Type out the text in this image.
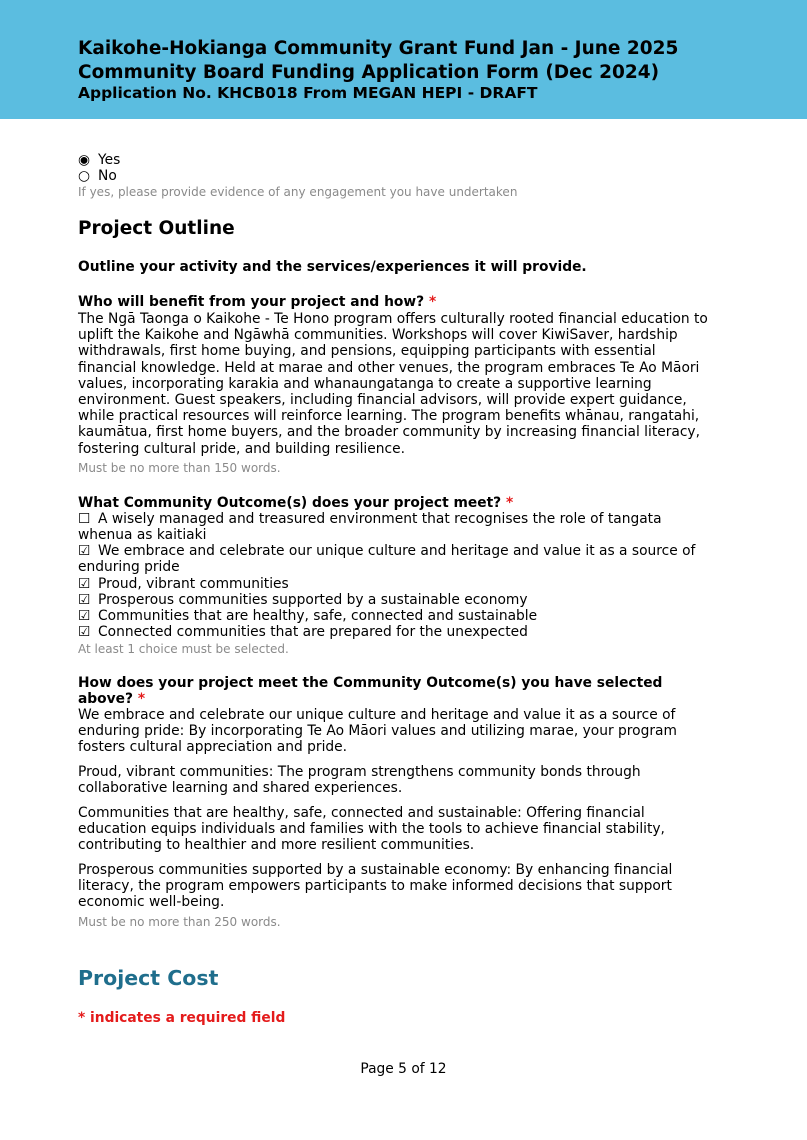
Kaikohe-Hokianga Community Grant Fund Jan - June 2025
Community Board Funding Application Form (Dec 2024)
Application No. KHCB018 From MEGAN HEPI - DRAFT
◉ Yes
○ No
If yes, please provide evidence of any engagement you have undertaken
Project Outline
Outline your activity and the services/experiences it will provide.
Who will benefit from your project and how? *
The Ngā Taonga o Kaikohe - Te Hono program offers culturally rooted financial education to uplift the Kaikohe and Ngāwhā communities. Workshops will cover KiwiSaver, hardship withdrawals, first home buying, and pensions, equipping participants with essential financial knowledge. Held at marae and other venues, the program embraces Te Ao Māori values, incorporating karakia and whanaungatanga to create a supportive learning environment. Guest speakers, including financial advisors, will provide expert guidance, while practical resources will reinforce learning. The program benefits whānau, rangatahi, kaumātua, first home buyers, and the broader community by increasing financial literacy, fostering cultural pride, and building resilience.
Must be no more than 150 words.
What Community Outcome(s) does your project meet? *
☐ A wisely managed and treasured environment that recognises the role of tangata whenua as kaitiaki
☑ We embrace and celebrate our unique culture and heritage and value it as a source of enduring pride
☑ Proud, vibrant communities
☑ Prosperous communities supported by a sustainable economy
☑ Communities that are healthy, safe, connected and sustainable
☑ Connected communities that are prepared for the unexpected
At least 1 choice must be selected.
How does your project meet the Community Outcome(s) you have selected above? *
We embrace and celebrate our unique culture and heritage and value it as a source of enduring pride: By incorporating Te Ao Māori values and utilizing marae, your program fosters cultural appreciation and pride.
Proud, vibrant communities: The program strengthens community bonds through collaborative learning and shared experiences.
Communities that are healthy, safe, connected and sustainable: Offering financial education equips individuals and families with the tools to achieve financial stability, contributing to healthier and more resilient communities.
Prosperous communities supported by a sustainable economy: By enhancing financial literacy, the program empowers participants to make informed decisions that support economic well-being.
Must be no more than 250 words.
Project Cost
* indicates a required field
Page 5 of 12
